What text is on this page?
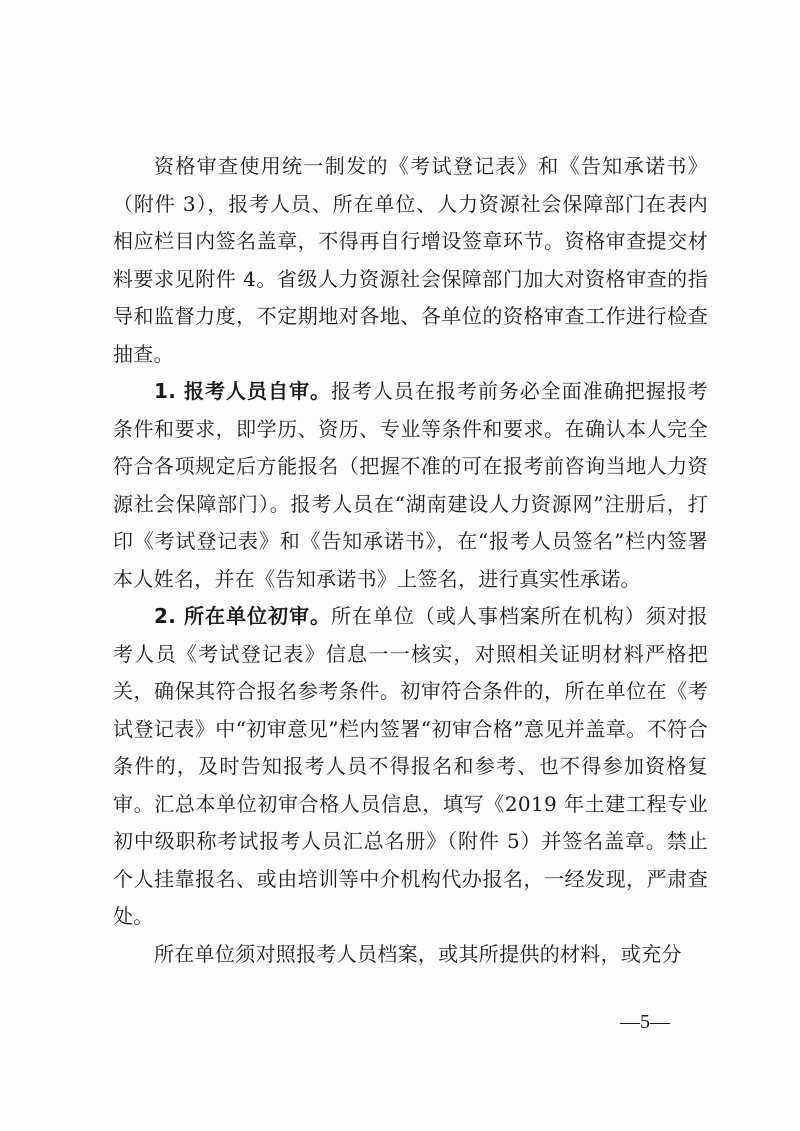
资格审查使用统一制发的《考试登记表》和《告知承诺书》（附件 3），报考人员、所在单位、人力资源社会保障部门在表内相应栏目内签名盖章，不得再自行增设签章环节。资格审查提交材料要求见附件 4。省级人力资源社会保障部门加大对资格审查的指导和监督力度，不定期地对各地、各单位的资格审查工作进行检查抽查。

1. 报考人员自审。报考人员在报考前务必全面准确把握报考条件和要求，即学历、资历、专业等条件和要求。在确认本人完全符合各项规定后方能报名（把握不准的可在报考前咨询当地人力资源社会保障部门）。报考人员在“湖南建设人力资源网”注册后，打印《考试登记表》和《告知承诺书》，在“报考人员签名”栏内签署本人姓名，并在《告知承诺书》上签名，进行真实性承诺。

2. 所在单位初审。所在单位（或人事档案所在机构）须对报考人员《考试登记表》信息一一核实，对照相关证明材料严格把关，确保其符合报名参考条件。初审符合条件的，所在单位在《考试登记表》中“初审意见”栏内签署“初审合格”意见并盖章。不符合条件的，及时告知报考人员不得报名和参考、也不得参加资格复审。汇总本单位初审合格人员信息，填写《2019 年土建工程专业初中级职称考试报考人员汇总名册》（附件 5）并签名盖章。禁止个人挂靠报名、或由培训等中介机构代办报名，一经发现，严肃查处。

所在单位须对照报考人员档案，或其所提供的材料，或充分

—5—
